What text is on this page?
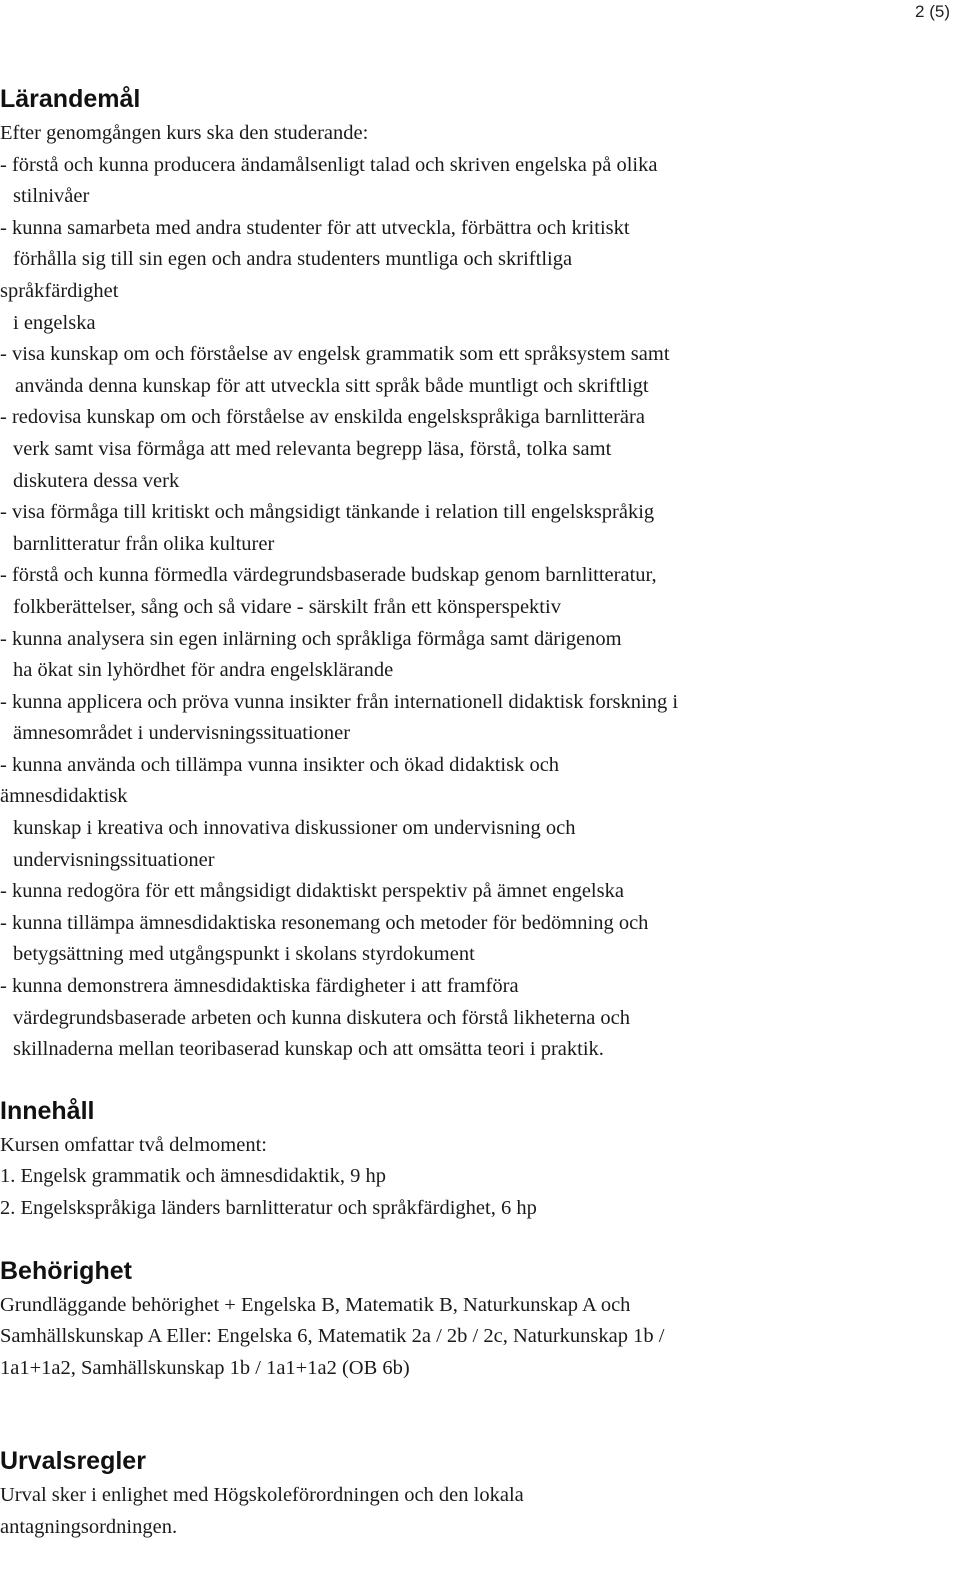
2 (5)
Lärandemål
Efter genomgången kurs ska den studerande:
- förstå och kunna producera ändamålsenligt talad och skriven engelska på olika
stilnivåer
- kunna samarbeta med andra studenter för att utveckla, förbättra och kritiskt
förhålla sig till sin egen och andra studenters muntliga och skriftliga
språkfärdighet
i engelska
- visa kunskap om och förståelse av engelsk grammatik som ett språksystem samt
använda denna kunskap för att utveckla sitt språk både muntligt och skriftligt
- redovisa kunskap om och förståelse av enskilda engelskspråkiga barnlitterära
verk samt visa förmåga att med relevanta begrepp läsa, förstå, tolka samt
diskutera dessa verk
- visa förmåga till kritiskt och mångsidigt tänkande i relation till engelskspråkig
barnlitteratur från olika kulturer
- förstå och kunna förmedla värdegrundsbaserade budskap genom barnlitteratur,
folkberättelser, sång och så vidare - särskilt från ett könsperspektiv
- kunna analysera sin egen inlärning och språkliga förmåga samt därigenom
ha ökat sin lyhördhet för andra engelsklärande
- kunna applicera och pröva vunna insikter från internationell didaktisk forskning i
ämnesområdet i undervisningssituationer
- kunna använda och tillämpa vunna insikter och ökad didaktisk och
ämnesdidaktisk
kunskap i kreativa och innovativa diskussioner om undervisning och
undervisningssituationer
- kunna redogöra för ett mångsidigt didaktiskt perspektiv på ämnet engelska
- kunna tillämpa ämnesdidaktiska resonemang och metoder för bedömning och
betygsättning med utgångspunkt i skolans styrdokument
- kunna demonstrera ämnesdidaktiska färdigheter i att framföra
värdegrundsbaserade arbeten och kunna diskutera och förstå likheterna och
skillnaderna mellan teoribaserad kunskap och att omsätta teori i praktik.
Innehåll
Kursen omfattar två delmoment:
1. Engelsk grammatik och ämnesdidaktik, 9 hp
2. Engelskspråkiga länders barnlitteratur och språkfärdighet, 6 hp
Behörighet
Grundläggande behörighet + Engelska B, Matematik B, Naturkunskap A och
Samhällskunskap A Eller: Engelska 6, Matematik 2a / 2b / 2c, Naturkunskap 1b /
1a1+1a2, Samhällskunskap 1b / 1a1+1a2 (OB 6b)
Urvalsregler
Urval sker i enlighet med Högskoleförordningen och den lokala
antagningsordningen.
